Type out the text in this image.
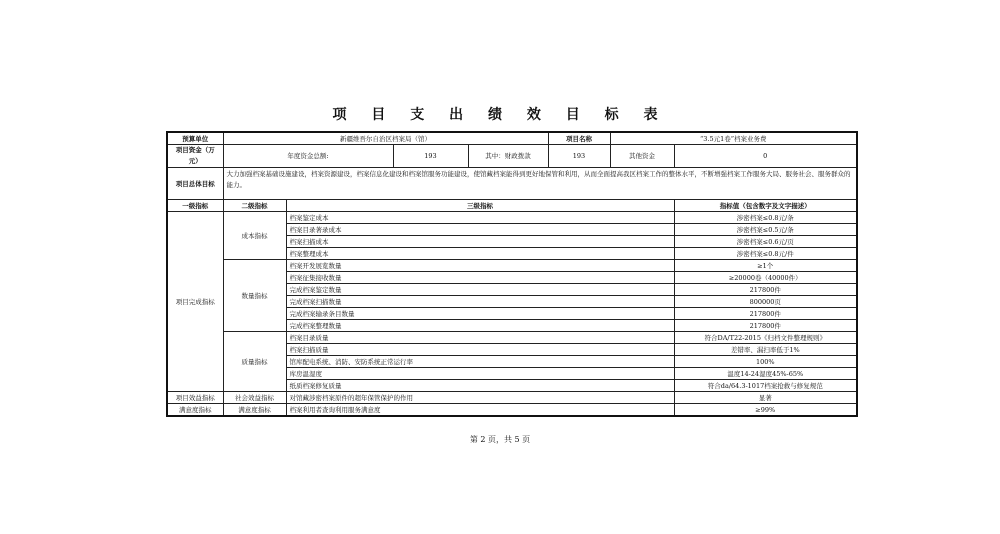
项 目 支 出 绩 效 目 标 表
预算单位	新疆维吾尔自治区档案局（馆）				项目名称	“3.5元1卷”档案业务费	
项目资金（万元）	年度资金总额:		193	其中：财政拨款	193	其他资金	0
项目总体目标	大力加强档案基础设施建设，档案资源建设，档案信息化建设和档案馆服务功能建设，使馆藏档案能得到更好地保管和利用，从而全面提高我区档案工作的整体水平，不断增强档案工作服务大局、服务社会、服务群众的能力。						
一级指标	二级指标	三级指标					指标值（包含数字及文字描述）
项目完成指标	成本指标	档案鉴定成本					涉密档案≤0.8元/条
		档案目录著录成本					涉密档案≤0.5元/条
		档案扫描成本					涉密档案≤0.6元/页
		档案整理成本					涉密档案≤0.8元/件
	数量指标	档案开发展览数量					≥1个
		档案征集接收数量					≥20000卷（40000件）
		完成档案鉴定数量					217800件
		完成档案扫描数量					800000页
		完成档案输录条目数量					217800件
		完成档案整理数量					217800件
	质量指标	档案目录质量					符合DA/T22-2015《归档文件整理规则》
		档案扫描质量					差错率、漏扫率低于1%
		馆库配电系统、消防、安防系统正常运行率					100%
		库房温湿度					温度14-24湿度45%-65%
		纸质档案修复质量					符合da/64.3-1017档案抢救与修复规范
项目效益指标	社会效益指标	对馆藏涉密档案原件的超年保管保护的作用					显著
满意度指标	满意度指标	档案利用者查询利用服务满意度					≥99%
第 2 页，共 5 页
